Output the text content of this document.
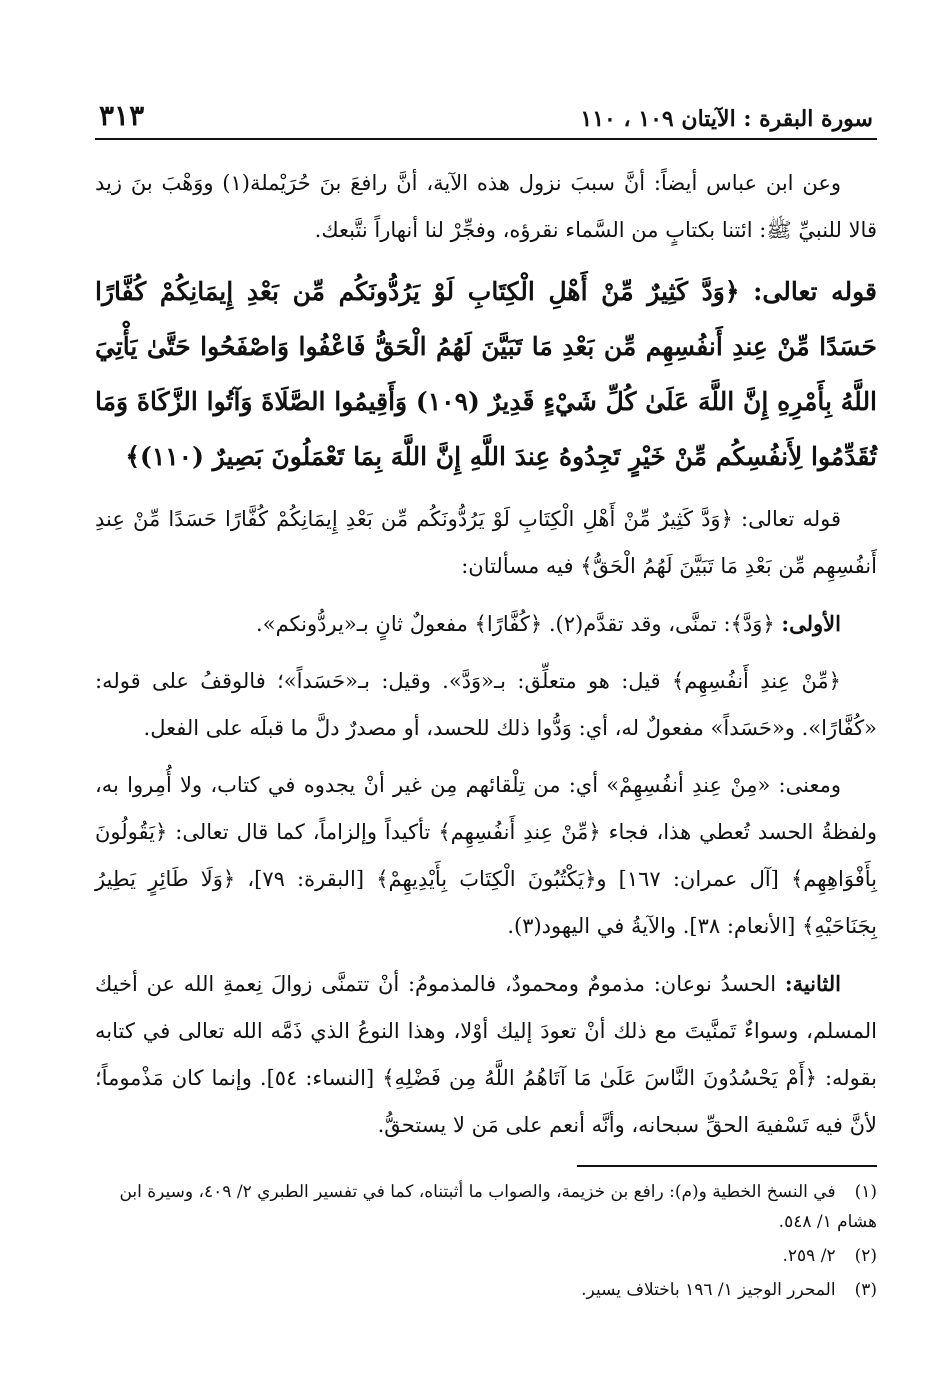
سورة البقرة : الآيتان ١٠٩ ، ١١٠
٣١٣

وعن ابن عباس أيضاً: أنَّ سببَ نزول هذه الآية، أنَّ رافعَ بنَ حُرَيْملة(١) ووَهْبَ بنَ زيد قالا للنبيِّ ﷺ: ائتنا بكتابٍ من السَّماء نقرؤه، وفجِّرْ لنا أنهاراً نتَّبعك.

قوله تعالى: ﴿وَدَّ كَثِيرٌ مِّنْ أَهْلِ الْكِتَابِ لَوْ يَرُدُّونَكُم مِّن بَعْدِ إِيمَانِكُمْ كُفَّارًا حَسَدًا مِّنْ عِندِ أَنفُسِهِم مِّن بَعْدِ مَا تَبَيَّنَ لَهُمُ الْحَقُّ فَاعْفُوا وَاصْفَحُوا حَتَّىٰ يَأْتِيَ اللَّهُ بِأَمْرِهِ إِنَّ اللَّهَ عَلَىٰ كُلِّ شَيْءٍ قَدِيرٌ (١٠٩) وَأَقِيمُوا الصَّلَاةَ وَآتُوا الزَّكَاةَ وَمَا تُقَدِّمُوا لِأَنفُسِكُم مِّنْ خَيْرٍ تَجِدُوهُ عِندَ اللَّهِ إِنَّ اللَّهَ بِمَا تَعْمَلُونَ بَصِيرٌ (١١٠)﴾

قوله تعالى: ﴿وَدَّ كَثِيرٌ مِّنْ أَهْلِ الْكِتَابِ لَوْ يَرُدُّونَكُم مِّن بَعْدِ إِيمَانِكُمْ كُفَّارًا حَسَدًا مِّنْ عِندِ أَنفُسِهِم مِّن بَعْدِ مَا تَبَيَّنَ لَهُمُ الْحَقُّ﴾ فيه مسألتان:

الأولى: ﴿وَدَّ﴾: تمنَّى، وقد تقدَّم(٢). ﴿كُفَّارًا﴾ مفعولٌ ثانٍ بـ«يردُّونكم».

﴿مِّنْ عِندِ أَنفُسِهِم﴾ قيل: هو متعلِّق: بـ«وَدَّ». وقيل: بـ«حَسَداً»؛ فالوقفُ على قوله: «كُفَّارًا». و«حَسَداً» مفعولٌ له، أي: وَدُّوا ذلك للحسد، أو مصدرٌ دلَّ ما قبلَه على الفعل.

ومعنى: «مِنْ عِندِ أنفُسِهِمْ» أي: من تِلْقائهم مِن غير أنْ يجدوه في كتاب، ولا أُمِروا به، ولفظةُ الحسد تُعطي هذا، فجاء ﴿مِّنْ عِندِ أَنفُسِهِم﴾ تأكيداً وإلزاماً، كما قال تعالى: ﴿يَقُولُونَ بِأَفْوَاهِهِم﴾ [آل عمران: ١٦٧] و﴿يَكْتُبُونَ الْكِتَابَ بِأَيْدِيهِمْ﴾ [البقرة: ٧٩]، ﴿وَلَا طَائِرٍ يَطِيرُ بِجَنَاحَيْهِ﴾ [الأنعام: ٣٨]. والآيةُ في اليهود(٣).

الثانية: الحسدُ نوعان: مذمومٌ ومحمودٌ، فالمذمومُ: أنْ تتمنَّى زوالَ نِعمةِ الله عن أخيك المسلم، وسواءٌ تَمنَّيتَ مع ذلك أنْ تعودَ إليك أوْلا، وهذا النوعُ الذي ذَمَّه الله تعالى في كتابه بقوله: ﴿أَمْ يَحْسُدُونَ النَّاسَ عَلَىٰ مَا آتَاهُمُ اللَّهُ مِن فَضْلِهِ﴾ [النساء: ٥٤]. وإنما كان مَذْموماً؛ لأنَّ فيه تَسْفيهَ الحقِّ سبحانه، وأنَّه أنعم على مَن لا يستحقُّ.

(١) في النسخ الخطية و(م): رافع بن خزيمة، والصواب ما أثبتناه، كما في تفسير الطبري ٢/ ٤٠٩، وسيرة ابن هشام ١/ ٥٤٨.

(٢) ٢/ ٢٥٩.

(٣) المحرر الوجيز ١/ ١٩٦ باختلاف يسير.
